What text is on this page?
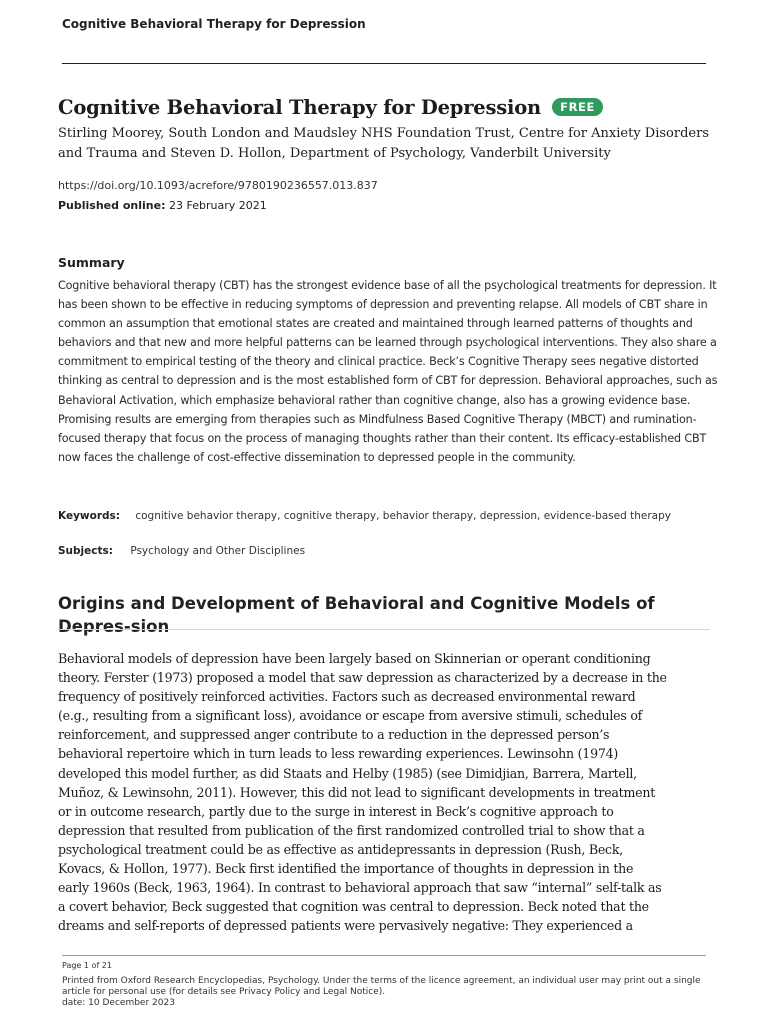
Cognitive Behavioral Therapy for Depression
Cognitive Behavioral Therapy for Depression FREE
Stirling Moorey, South London and Maudsley NHS Foundation Trust, Centre for Anxiety Disorders and Trauma and Steven D. Hollon, Department of Psychology, Vanderbilt University
https://doi.org/10.1093/acrefore/9780190236557.013.837
Published online: 23 February 2021
Summary
Cognitive behavioral therapy (CBT) has the strongest evidence base of all the psychological treatments for depression. It has been shown to be effective in reducing symptoms of depression and preventing relapse. All models of CBT share in common an assumption that emotional states are created and maintained through learned patterns of thoughts and behaviors and that new and more helpful patterns can be learned through psychological interventions. They also share a commitment to empirical testing of the theory and clinical practice. Beck’s Cognitive Therapy sees negative distorted thinking as central to depression and is the most established form of CBT for depression. Behavioral approaches, such as Behavioral Activation, which emphasize behavioral rather than cognitive change, also has a growing evidence base. Promising results are emerging from therapies such as Mindfulness Based Cognitive Therapy (MBCT) and rumination-focused therapy that focus on the process of managing thoughts rather than their content. Its efficacy-established CBT now faces the challenge of cost-effective dissemination to depressed people in the community.
Keywords: cognitive behavior therapy, cognitive therapy, behavior therapy, depression, evidence-based therapy
Subjects: Psychology and Other Disciplines
Origins and Development of Behavioral and Cognitive Models of Depres-sion
Behavioral models of depression have been largely based on Skinnerian or operant conditioning
theory. Ferster (1973) proposed a model that saw depression as characterized by a decrease in the
frequency of positively reinforced activities. Factors such as decreased environmental reward
(e.g., resulting from a significant loss), avoidance or escape from aversive stimuli, schedules of
reinforcement, and suppressed anger contribute to a reduction in the depressed person’s
behavioral repertoire which in turn leads to less rewarding experiences. Lewinsohn (1974)
developed this model further, as did Staats and Helby (1985) (see Dimidjian, Barrera, Martell,
Muñoz, & Lewinsohn, 2011). However, this did not lead to significant developments in treatment
or in outcome research, partly due to the surge in interest in Beck’s cognitive approach to
depression that resulted from publication of the first randomized controlled trial to show that a
psychological treatment could be as effective as antidepressants in depression (Rush, Beck,
Kovacs, & Hollon, 1977). Beck first identified the importance of thoughts in depression in the
early 1960s (Beck, 1963, 1964). In contrast to behavioral approach that saw “internal” self-talk as
a covert behavior, Beck suggested that cognition was central to depression. Beck noted that the
dreams and self-reports of depressed patients were pervasively negative: They experienced a
Page 1 of 21
Printed from Oxford Research Encyclopedias, Psychology. Under the terms of the licence agreement, an individual user may print out a single article for personal use (for details see Privacy Policy and Legal Notice).
date: 10 December 2023
